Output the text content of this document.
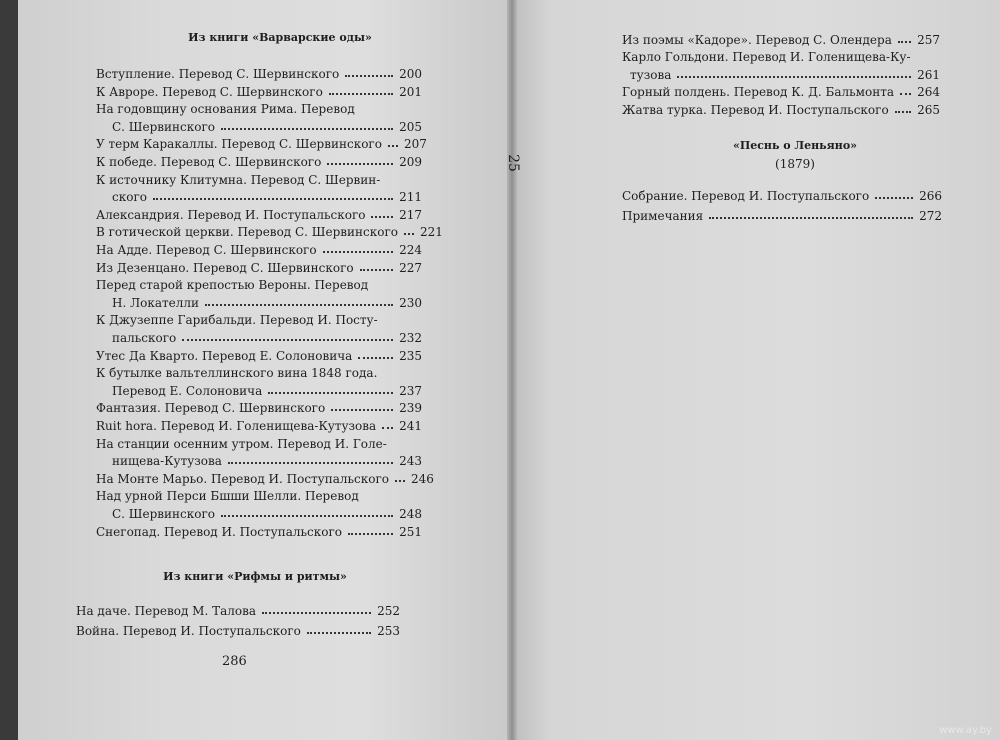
Из книги «Варварские оды»
Вступление. Перевод С. Шервинского	200
К Авроре. Перевод С. Шервинского	201
На годовщину основания Рима. Перевод
С. Шервинского	205
У терм Каракаллы. Перевод С. Шервинского 207
К победе. Перевод С. Шервинского	209
К источнику Клитумна. Перевод С. Шервин-
ского	211
Александрия. Перевод И. Поступальского	217
В готической церкви. Перевод С. Шервинского 221
На Адде. Перевод С. Шервинского	224
Из Дезенцано. Перевод С. Шервинского	227
Перед старой крепостью Вероны. Перевод
Н. Локателли	230
К Джузеппе Гарибальди. Перевод И. Посту-
пальского	232
Утес Да Кварто. Перевод Е. Солоновича	235
К бутылке вальтеллинского вина 1848 года.
Перевод Е. Солоновича	237
Фантазия. Перевод С. Шервинского	239
Ruit hora. Перевод И. Голенищева-Кутузова 241
На станции осенним утром. Перевод И. Голе-
нищева-Кутузова	243
На Монте Марьо. Перевод И. Поступальского 246
Над урной Перси Бшши Шелли. Перевод
С. Шервинского	248
Снегопад. Перевод И. Поступальского	251
Из книги «Рифмы и ритмы»
На даче. Перевод М. Талова	252
Война. Перевод И. Поступальского	253
286
25
Из поэмы «Кадоре». Перевод С. Олендера 257
Карло Гольдони. Перевод И. Голенищева-Ку-
тузова	261
Горный полдень. Перевод К. Д. Бальмонта 264
Жатва турка. Перевод И. Поступальского 265
«Песнь о Леньяно»
(1879)
Собрание. Перевод И. Поступальского	266
Примечания	272
www.ay.by
